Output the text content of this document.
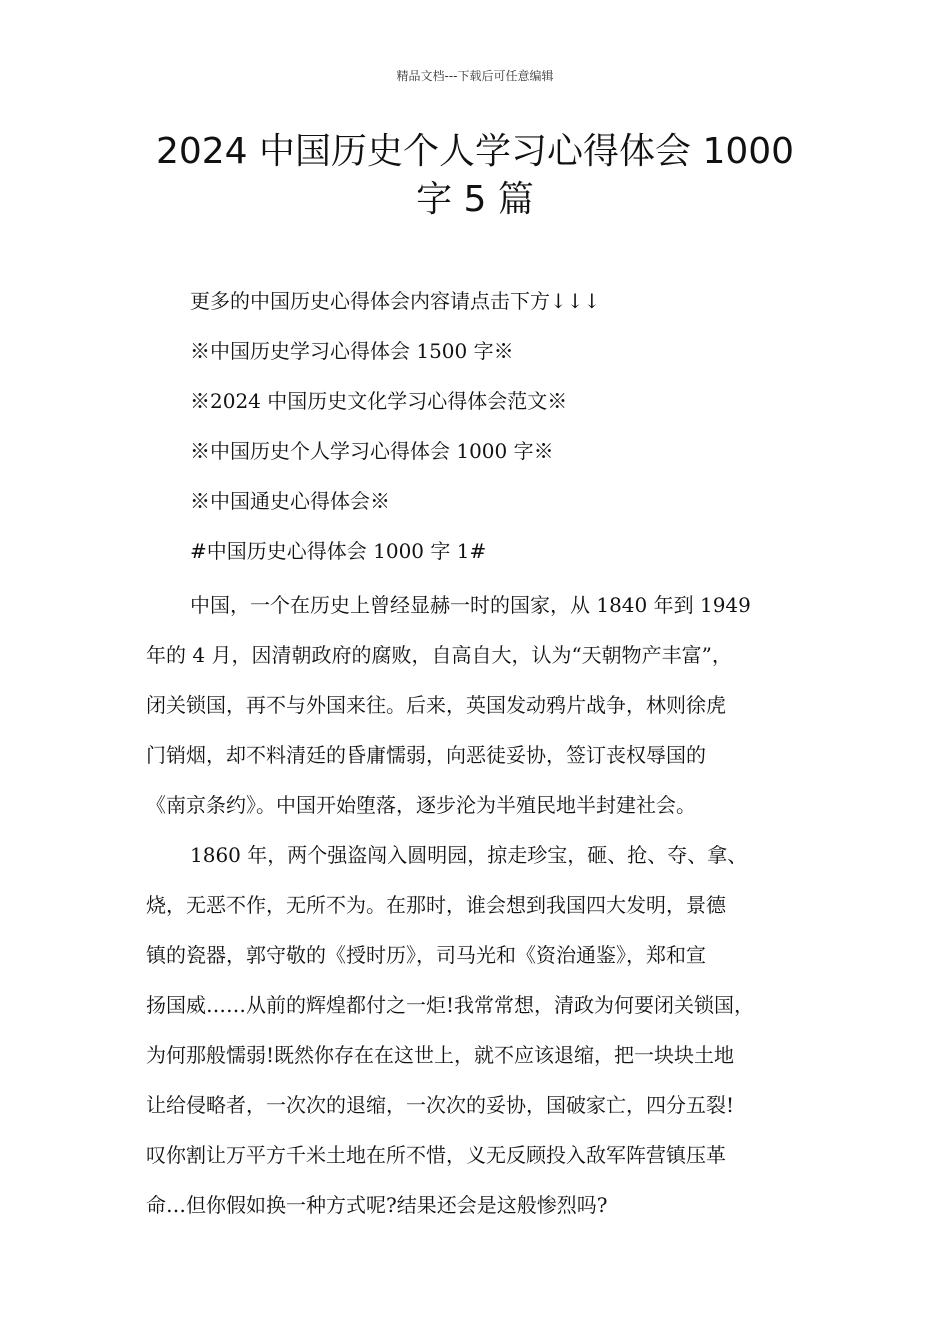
精品文档---下载后可任意编辑
2024 中国历史个人学习心得体会 1000
字 5 篇
更多的中国历史心得体会内容请点击下方↓↓↓
※中国历史学习心得体会 1500 字※
※2024 中国历史文化学习心得体会范文※
※中国历史个人学习心得体会 1000 字※
※中国通史心得体会※
#中国历史心得体会 1000 字 1#
中国，一个在历史上曾经显赫一时的国家，从 1840 年到 1949
年的 4 月，因清朝政府的腐败，自高自大，认为“天朝物产丰富”，
闭关锁国，再不与外国来往。后来，英国发动鸦片战争，林则徐虎
门销烟，却不料清廷的昏庸懦弱，向恶徒妥协，签订丧权辱国的
《南京条约》。中国开始堕落，逐步沦为半殖民地半封建社会。
1860 年，两个强盗闯入圆明园，掠走珍宝，砸、抢、夺、拿、
烧，无恶不作，无所不为。在那时，谁会想到我国四大发明，景德
镇的瓷器，郭守敬的《授时历》，司马光和《资治通鉴》，郑和宣
扬国威……从前的辉煌都付之一炬!我常常想，清政为何要闭关锁国，
为何那般懦弱!既然你存在在这世上，就不应该退缩，把一块块土地
让给侵略者，一次次的退缩，一次次的妥协，国破家亡，四分五裂!
叹你割让万平方千米土地在所不惜，义无反顾投入敌军阵营镇压革
命…但你假如换一种方式呢?结果还会是这般惨烈吗?
